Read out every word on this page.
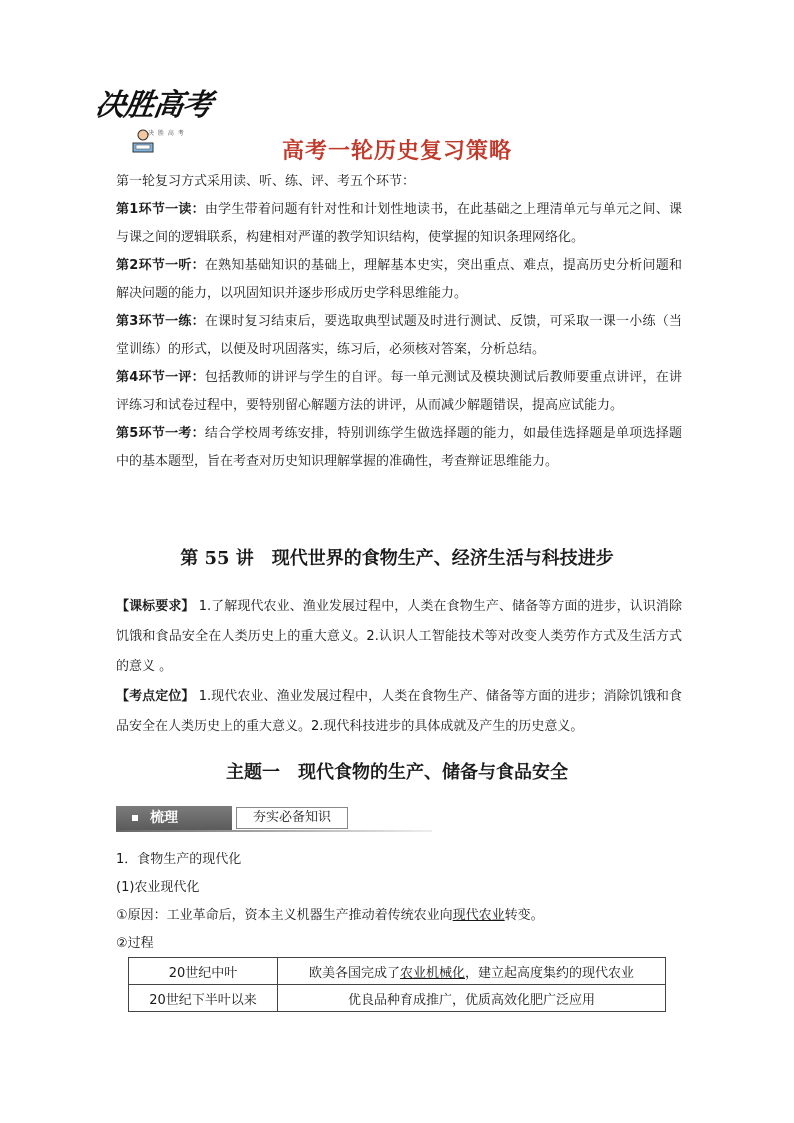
决胜高考
决 胜 高 考
高考一轮历史复习策略

第一轮复习方式采用读、听、练、评、考五个环节：

第1环节一读：由学生带着问题有针对性和计划性地读书，在此基础之上理清单元与单元之间、课与课之间的逻辑联系，构建相对严谨的教学知识结构，使掌握的知识条理网络化。

第2环节一听：在熟知基础知识的基础上，理解基本史实，突出重点、难点，提高历史分析问题和解决问题的能力，以巩固知识并逐步形成历史学科思维能力。

第3环节一练：在课时复习结束后，要选取典型试题及时进行测试、反馈，可采取一课一小练（当堂训练）的形式，以便及时巩固落实，练习后，必须核对答案，分析总结。

第4环节一评：包括教师的讲评与学生的自评。每一单元测试及模块测试后教师要重点讲评，在讲评练习和试卷过程中，要特别留心解题方法的讲评，从而减少解题错误，提高应试能力。

第5环节一考：结合学校周考练安排，特别训练学生做选择题的能力，如最佳选择题是单项选择题中的基本题型，旨在考查对历史知识理解掌握的准确性，考查辩证思维能力。

第 55 讲　现代世界的食物生产、经济生活与科技进步
【课标要求】 1.了解现代农业、渔业发展过程中，人类在食物生产、储备等方面的进步，认识消除饥饿和食品安全在人类历史上的重大意义。2.认识人工智能技术等对改变人类劳作方式及生活方式的意义 。
【考点定位】 1.现代农业、渔业发展过程中，人类在食物生产、储备等方面的进步；消除饥饿和食品安全在人类历史上的重大意义。2.现代科技进步的具体成就及产生的历史意义。
主题一　现代食物的生产、储备与食品安全
梳理	夯实必备知识
1．食物生产的现代化
(1)农业现代化
①原因：工业革命后，资本主义机器生产推动着传统农业向现代农业转变。
②过程
20世纪中叶	欧美各国完成了农业机械化，建立起高度集约的现代农业
20世纪下半叶以来	优良品种育成推广，优质高效化肥广泛应用
